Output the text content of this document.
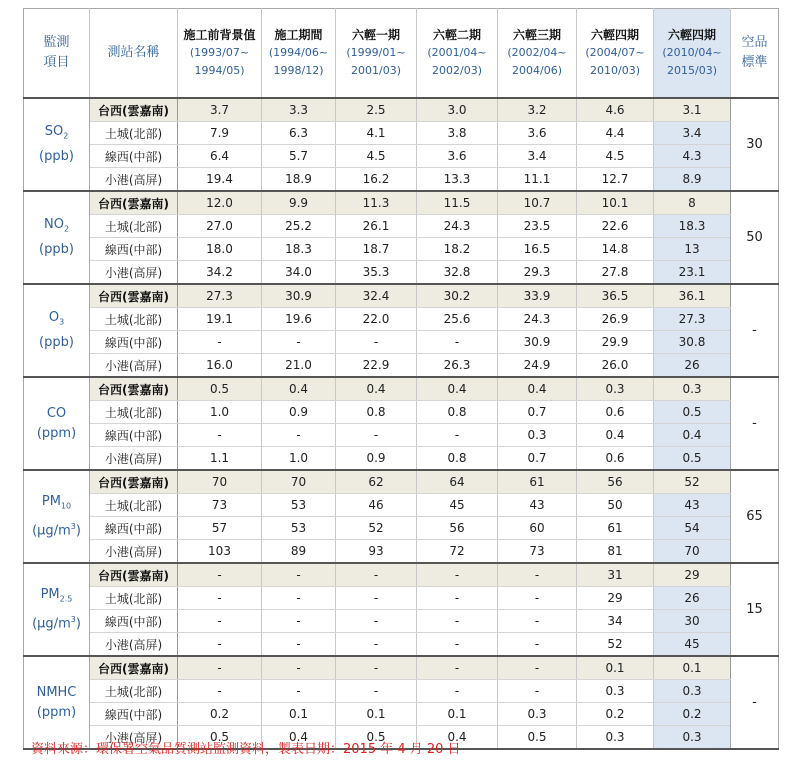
監測
項目	測站名稱	施工前背景值
(1993/07~
1994/05)	施工期間
(1994/06~
1998/12)	六輕一期
(1999/01~
2001/03)	六輕二期
(2001/04~
2002/03)	六輕三期
(2002/04~
2004/06)	六輕四期
(2004/07~
2010/03)	六輕四期
(2010/04~
2015/03)	空品
標準
$SO_2$
(ppb)	台西(雲嘉南)	3.7	3.3	2.5	3.0	3.2	4.6	3.1	30
	土城(北部)	7.9	6.3	4.1	3.8	3.6	4.4	3.4	
	線西(中部)	6.4	5.7	4.5	3.6	3.4	4.5	4.3	
	小港(高屏)	19.4	18.9	16.2	13.3	11.1	12.7	8.9	
$NO_2$
(ppb)	台西(雲嘉南)	12.0	9.9	11.3	11.5	10.7	10.1	8	50
	土城(北部)	27.0	25.2	26.1	24.3	23.5	22.6	18.3	
	線西(中部)	18.0	18.3	18.7	18.2	16.5	14.8	13	
	小港(高屏)	34.2	34.0	35.3	32.8	29.3	27.8	23.1	
$O_3$
(ppb)	台西(雲嘉南)	27.3	30.9	32.4	30.2	33.9	36.5	36.1	-
	土城(北部)	19.1	19.6	22.0	25.6	24.3	26.9	27.3	
	線西(中部)	-	-	-	-	30.9	29.9	30.8	
	小港(高屏)	16.0	21.0	22.9	26.3	24.9	26.0	26	
CO
(ppm)	台西(雲嘉南)	0.5	0.4	0.4	0.4	0.4	0.3	0.3	-
	土城(北部)	1.0	0.9	0.8	0.8	0.7	0.6	0.5	
	線西(中部)	-	-	-	-	0.3	0.4	0.4	
	小港(高屏)	1.1	1.0	0.9	0.8	0.7	0.6	0.5	
$PM_{10}$
$(\mu g/m^3)$	台西(雲嘉南)	70	70	62	64	61	56	52	65
	土城(北部)	73	53	46	45	43	50	43	
	線西(中部)	57	53	52	56	60	61	54	
	小港(高屏)	103	89	93	72	73	81	70	
$PM_{2.5}$
$(\mu g/m^3)$	台西(雲嘉南)	-	-	-	-	-	31	29	15
	土城(北部)	-	-	-	-	-	29	26	
	線西(中部)	-	-	-	-	-	34	30	
	小港(高屏)	-	-	-	-	-	52	45	
NMHC
(ppm)	台西(雲嘉南)	-	-	-	-	-	0.1	0.1	-
	土城(北部)	-	-	-	-	-	0.3	0.3	
	線西(中部)	0.2	0.1	0.1	0.1	0.3	0.2	0.2	
	小港(高屏)	0.5	0.4	0.5	0.4	0.5	0.3	0.3	
資料來源：環保署空氣品質測站監測資料，製表日期：2015 年 4 月 20 日
